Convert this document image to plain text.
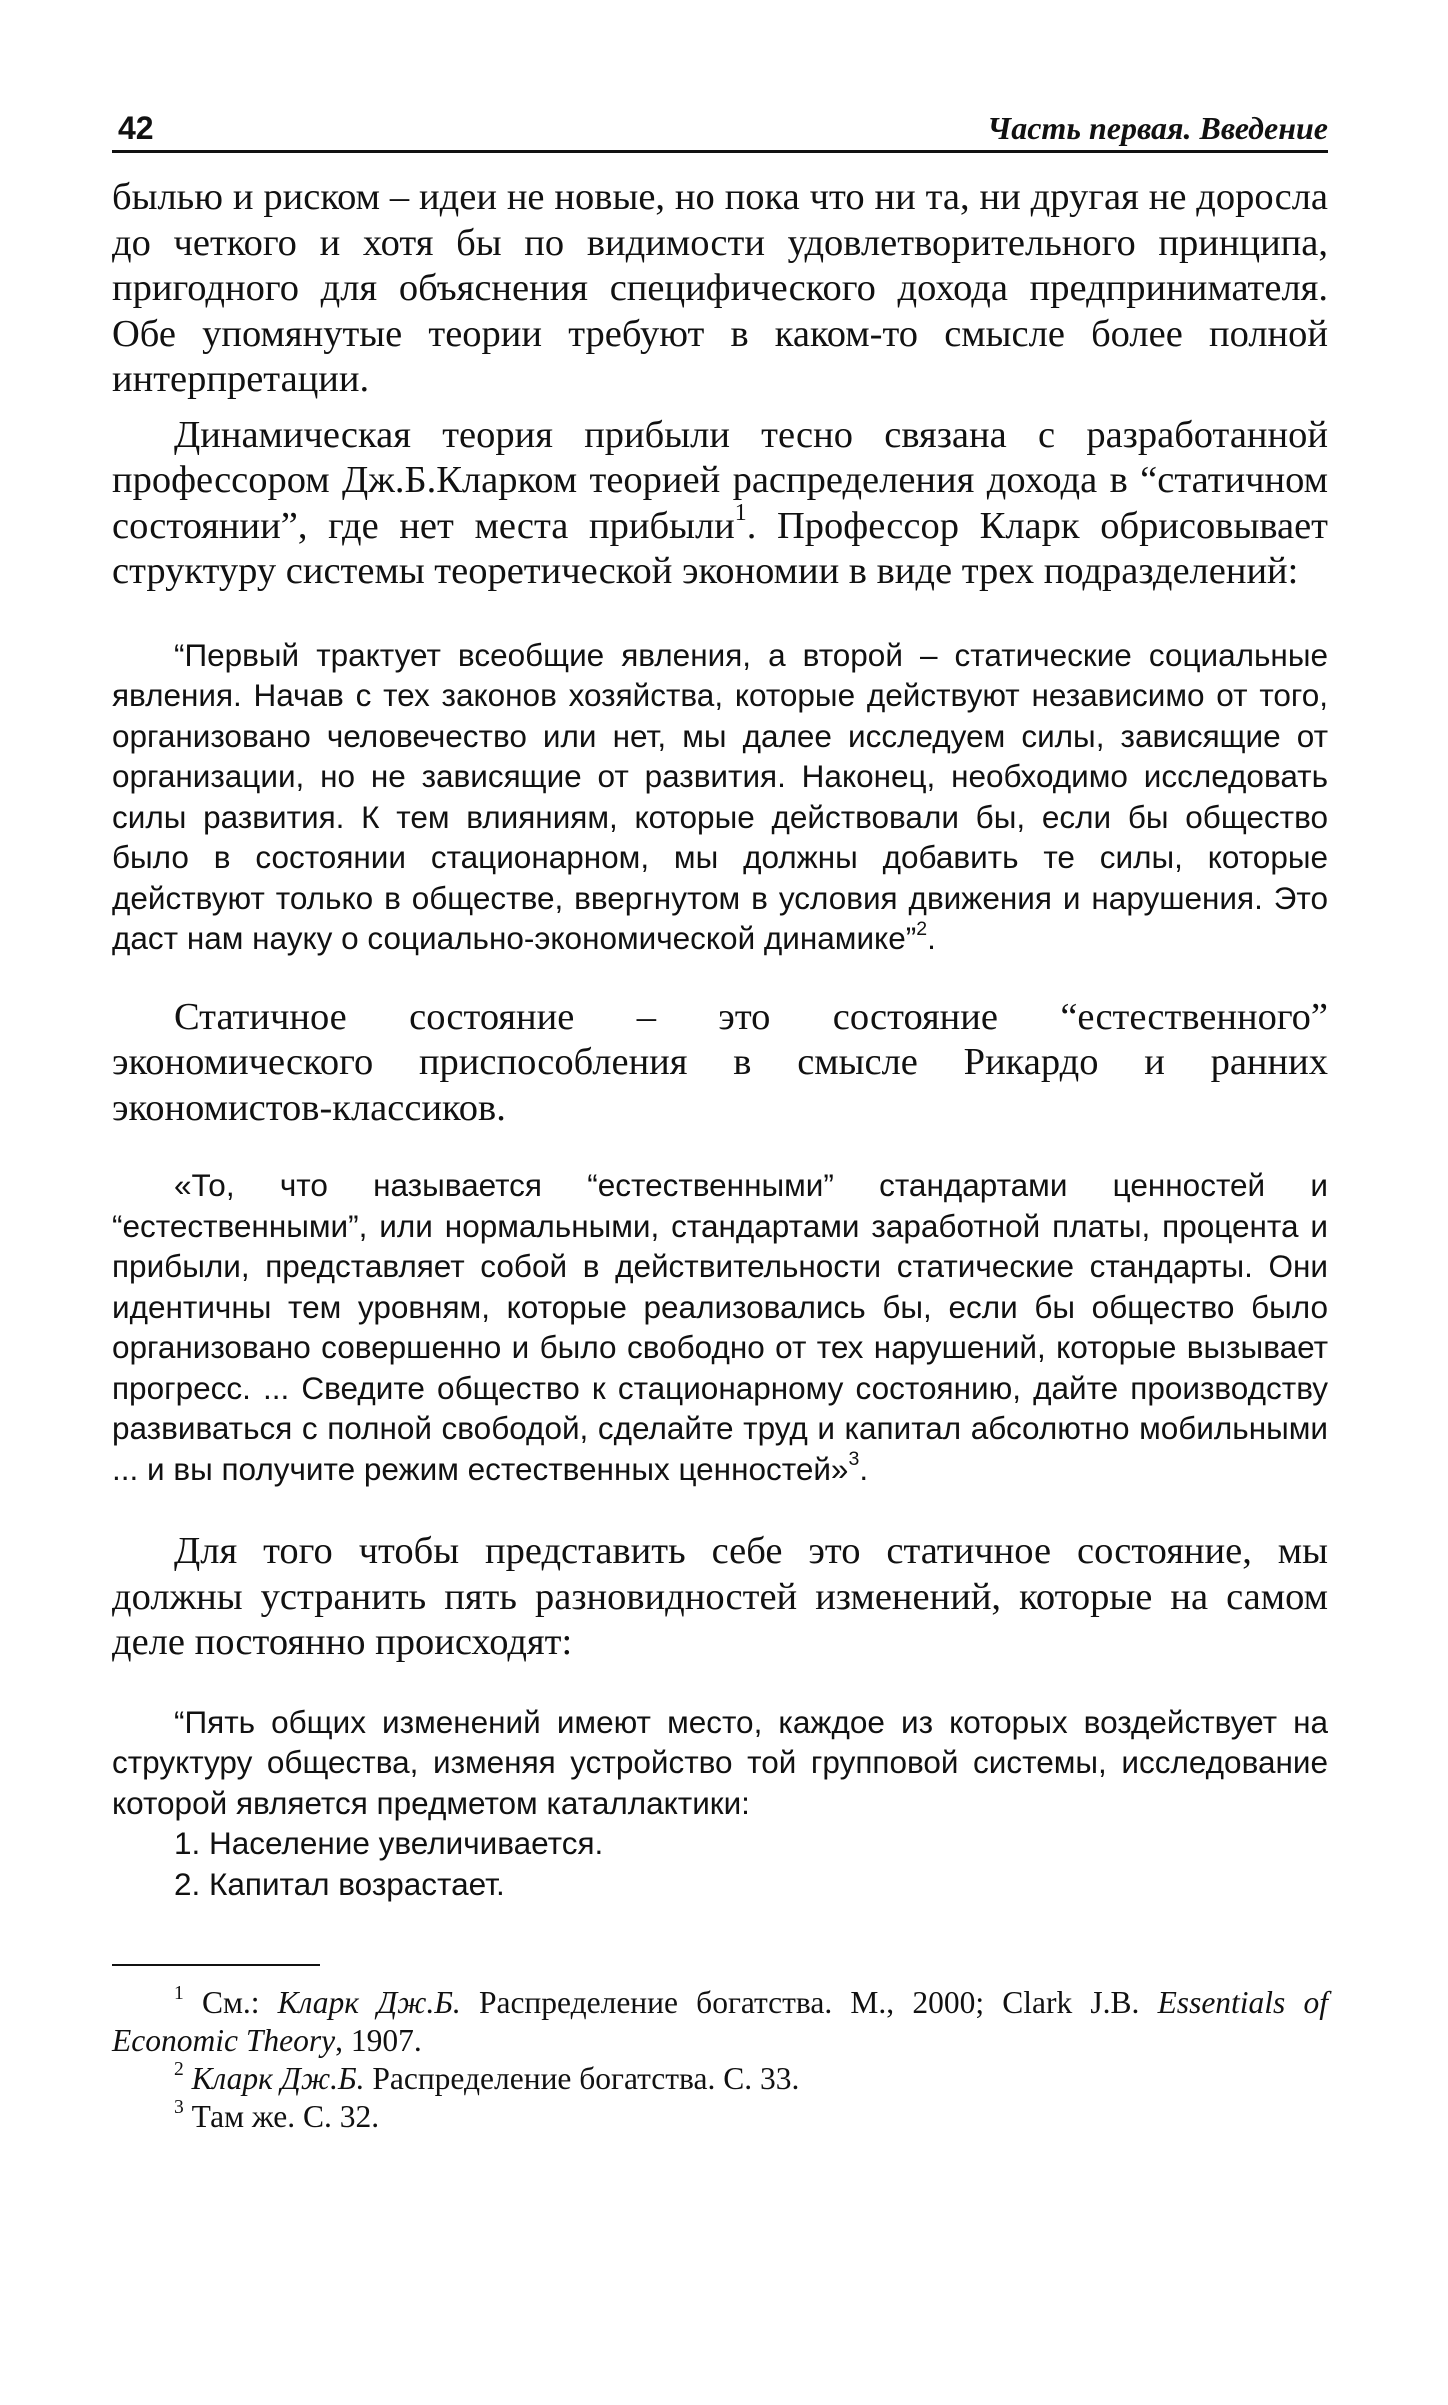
42	Часть первая. Введение

былью и риском – идеи не новые, но пока что ни та, ни другая не доросла до четкого и хотя бы по видимости удовлетворительного принципа, пригодного для объяснения специфического дохода предпринимателя. Обе упомянутые теории требуют в каком-то смысле более полной интерпретации.

Динамическая теория прибыли тесно связана с разработанной профессором Дж.Б.Кларком теорией распределения дохода в “статичном состоянии”, где нет места прибыли$^1$. Профессор Кларк обрисовывает структуру системы теоретической экономии в виде трех подразделений:

“Первый трактует всеобщие явления, а второй – статические социальные явления. Начав с тех законов хозяйства, которые действуют независимо от того, организовано человечество или нет, мы далее исследуем силы, зависящие от организации, но не зависящие от развития. Наконец, необходимо исследовать силы развития. К тем влияниям, которые действовали бы, если бы общество было в состоянии стационарном, мы должны добавить те силы, которые действуют только в обществе, ввергнутом в условия движения и нарушения. Это даст нам науку о социально-экономической динамике”$^2$.

Статичное состояние – это состояние “естественного” экономического приспособления в смысле Рикардо и ранних экономистов-классиков.

«То, что называется “естественными” стандартами ценностей и “естественными”, или нормальными, стандартами заработной платы, процента и прибыли, представляет собой в действительности статические стандарты. Они идентичны тем уровням, которые реализовались бы, если бы общество было организовано совершенно и было свободно от тех нарушений, которые вызывает прогресс. ... Сведите общество к стационарному состоянию, дайте производству развиваться с полной свободой, сделайте труд и капитал абсолютно мобильными ... и вы получите режим естественных ценностей»$^3$.

Для того чтобы представить себе это статичное состояние, мы должны устранить пять разновидностей изменений, которые на самом деле постоянно происходят:

“Пять общих изменений имеют место, каждое из которых воздействует на структуру общества, изменяя устройство той групповой системы, исследование которой является предметом каталлактики:

1. Население увеличивается.

2. Капитал возрастает.

$^1$ См.: Кларк Дж.Б. Распределение богатства. М., 2000; Clark J.B. Essentials of Economic Theory, 1907.

$^2$ Кларк Дж.Б. Распределение богатства. С. 33.

$^3$ Там же. С. 32.
